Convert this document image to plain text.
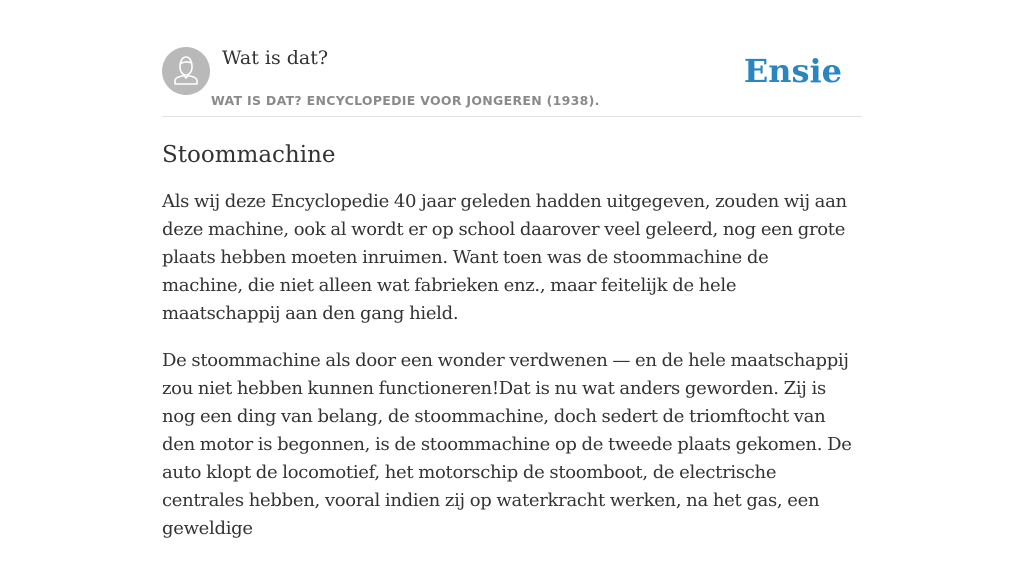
Wat is dat?
WAT IS DAT? ENCYCLOPEDIE VOOR JONGEREN (1938).
Ensie
Stoommachine

Als wij deze Encyclopedie 40 jaar geleden hadden uitgegeven, zouden wij aan deze machine, ook al wordt er op school daarover veel geleerd, nog een grote plaats hebben moeten inruimen. Want toen was de stoommachine de machine, die niet alleen wat fabrieken enz., maar feitelijk de hele maatschappij aan den gang hield.

De stoommachine als door een wonder verdwenen — en de hele maatschappij zou niet hebben kunnen functioneren!Dat is nu wat anders geworden. Zij is nog een ding van belang, de stoommachine, doch sedert de triomftocht van den motor is begonnen, is de stoommachine op de tweede plaats gekomen. De auto klopt de locomotief, het motorschip de stoomboot, de electrische centrales hebben, vooral indien zij op waterkracht werken, na het gas, een geweldige
